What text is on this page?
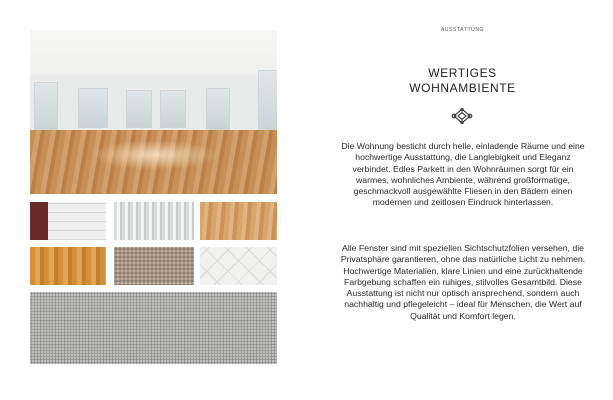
AUSSTATTUNG
WERTIGES
WOHNAMBIENTE

Die Wohnung besticht durch helle, einladende Räume und eine hochwertige Ausstattung, die Langlebigkeit und Eleganz verbindet. Edles Parkett in den Wohnräumen sorgt für ein warmes, wohnliches Ambiente, während großformatige, geschmackvoll ausgewählte Fliesen in den Bädern einen modernen und zeitlosen Eindruck hinterlassen.

Alle Fenster sind mit speziellen Sichtschutzfolien versehen, die Privatsphäre garantieren, ohne das natürliche Licht zu nehmen. Hochwertige Materialien, klare Linien und eine zurückhaltende Farbgebung schaffen ein ruhiges, stilvolles Gesamtbild. Diese Ausstattung ist nicht nur optisch ansprechend, sondern auch nachhaltig und pflegeleicht – ideal für Menschen, die Wert auf Qualität und Komfort legen.
